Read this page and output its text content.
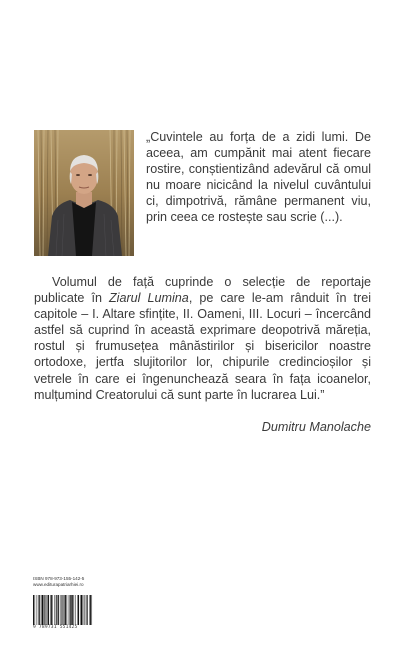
„Cuvintele au forța de a zidi lumi. De aceea, am cumpănit mai atent fiecare rostire, conștientizând adevărul că omul nu moare nicicând la nivelul cuvântului ci, dimpotrivă, rămâne permanent viu, prin ceea ce rostește sau scrie (...).

Volumul de față cuprinde o selecție de reportaje publicate în Ziarul Lumina, pe care le-am rânduit în trei capitole – I. Altare sfințite, II. Oameni, III. Locuri – încercând astfel să cuprind în această exprimare deopotrivă măreția, rostul și frumusețea mânăstirilor și bisericilor noastre ortodoxe, jertfa slujitorilor lor, chipurile credincioșilor și vetrele în care ei îngenunchează seara în fața icoanelor, mulțumind Creatorului că sunt parte în lucrarea Lui.”

Dumitru Manolache

ISBN 978-973-155-142-5
www.editurapatriarhiei.ro

9 789731 551425
